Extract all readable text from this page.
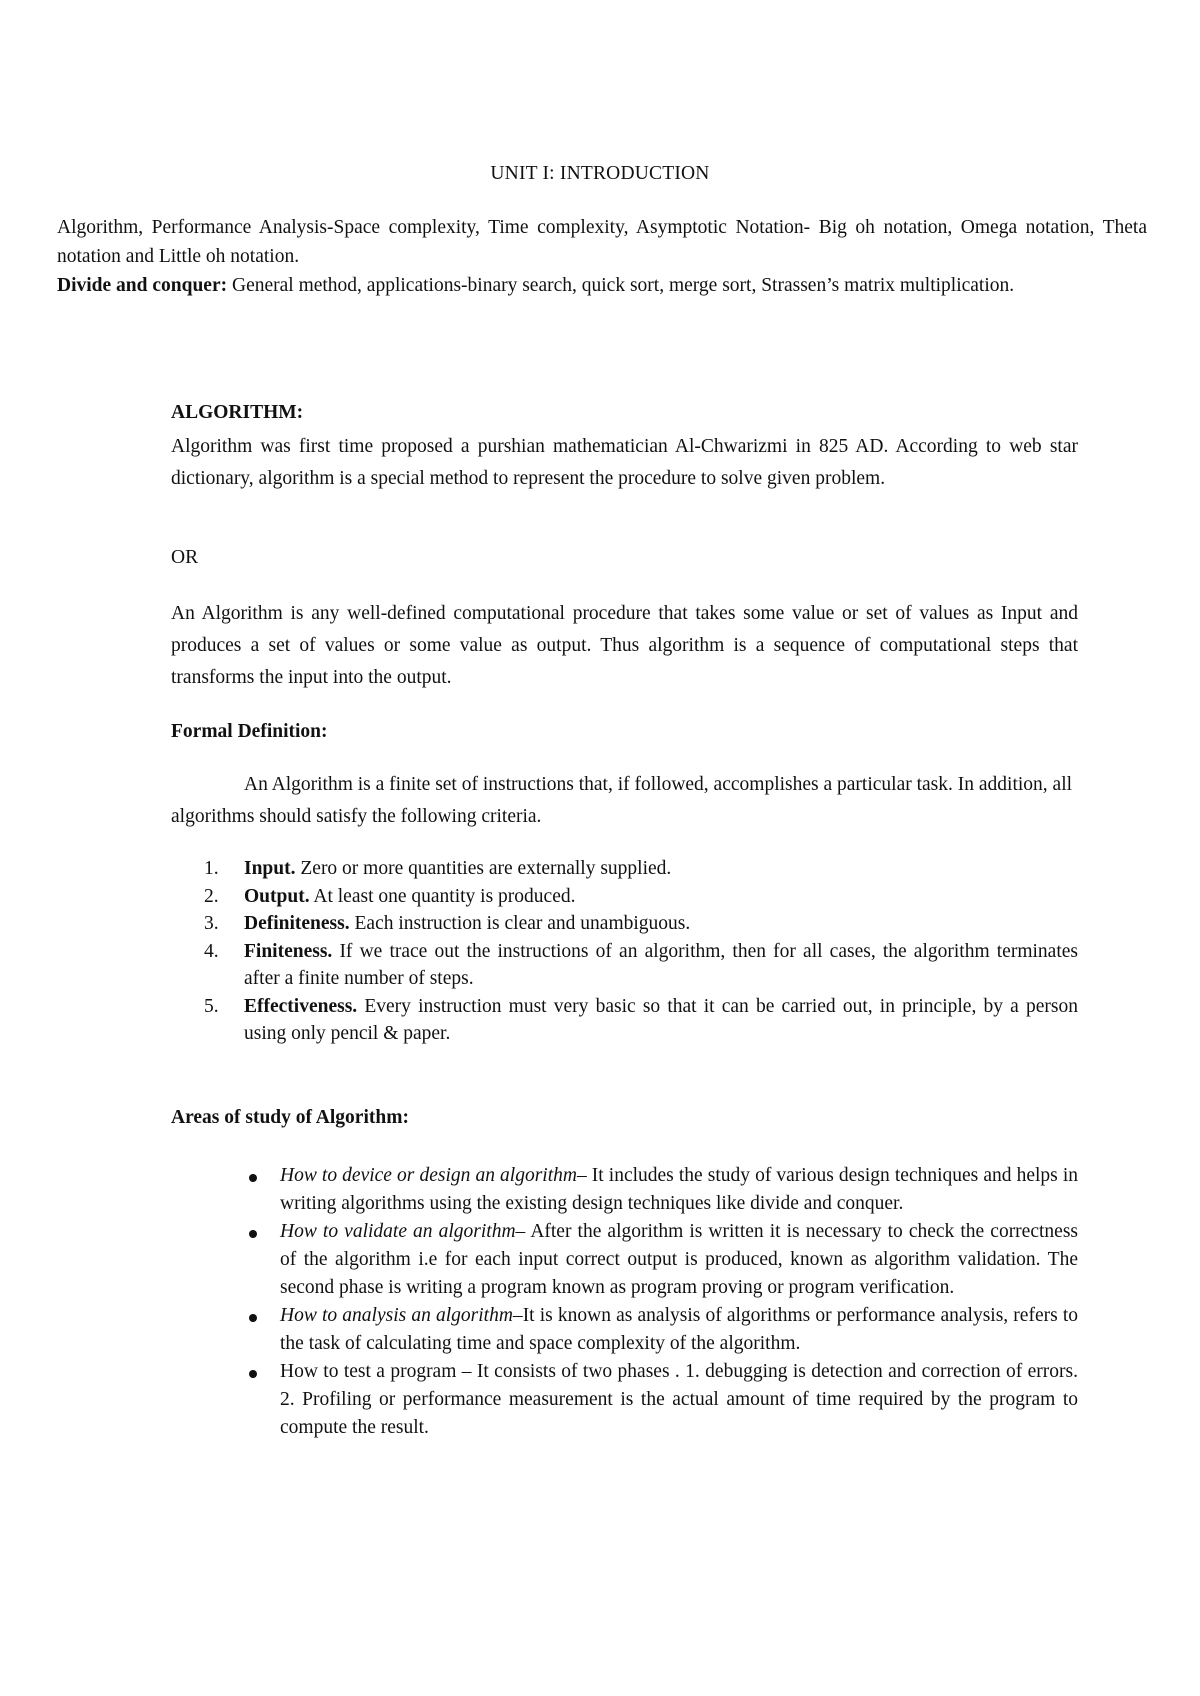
UNIT I: INTRODUCTION
Algorithm, Performance Analysis-Space complexity, Time complexity, Asymptotic Notation- Big oh notation, Omega notation, Theta notation and Little oh notation.
Divide and conquer: General method, applications-binary search, quick sort, merge sort, Strassen’s matrix multiplication.
ALGORITHM:
Algorithm was first time proposed a purshian mathematician Al-Chwarizmi in 825 AD. According to web star dictionary, algorithm is a special method to represent the procedure to solve given problem.
OR
An Algorithm is any well-defined computational procedure that takes some value or set of values as Input and produces a set of values or some value as output. Thus algorithm is a sequence of computational steps that transforms the input into the output.
Formal Definition:
An Algorithm is a finite set of instructions that, if followed, accomplishes a particular task. In addition, all algorithms should satisfy the following criteria.
1. Input. Zero or more quantities are externally supplied.
2. Output. At least one quantity is produced.
3. Definiteness. Each instruction is clear and unambiguous.
4. Finiteness. If we trace out the instructions of an algorithm, then for all cases, the algorithm terminates after a finite number of steps.
5. Effectiveness. Every instruction must very basic so that it can be carried out, in principle, by a person using only pencil & paper.
Areas of study of Algorithm:
How to device or design an algorithm– It includes the study of various design techniques and helps in writing algorithms using the existing design techniques like divide and conquer.
How to validate an algorithm– After the algorithm is written it is necessary to check the correctness of the algorithm i.e for each input correct output is produced, known as algorithm validation. The second phase is writing a program known as program proving or program verification.
How to analysis an algorithm–It is known as analysis of algorithms or performance analysis, refers to the task of calculating time and space complexity of the algorithm.
How to test a program – It consists of two phases . 1. debugging is detection and correction of errors. 2. Profiling or performance measurement is the actual amount of time required by the program to compute the result.
